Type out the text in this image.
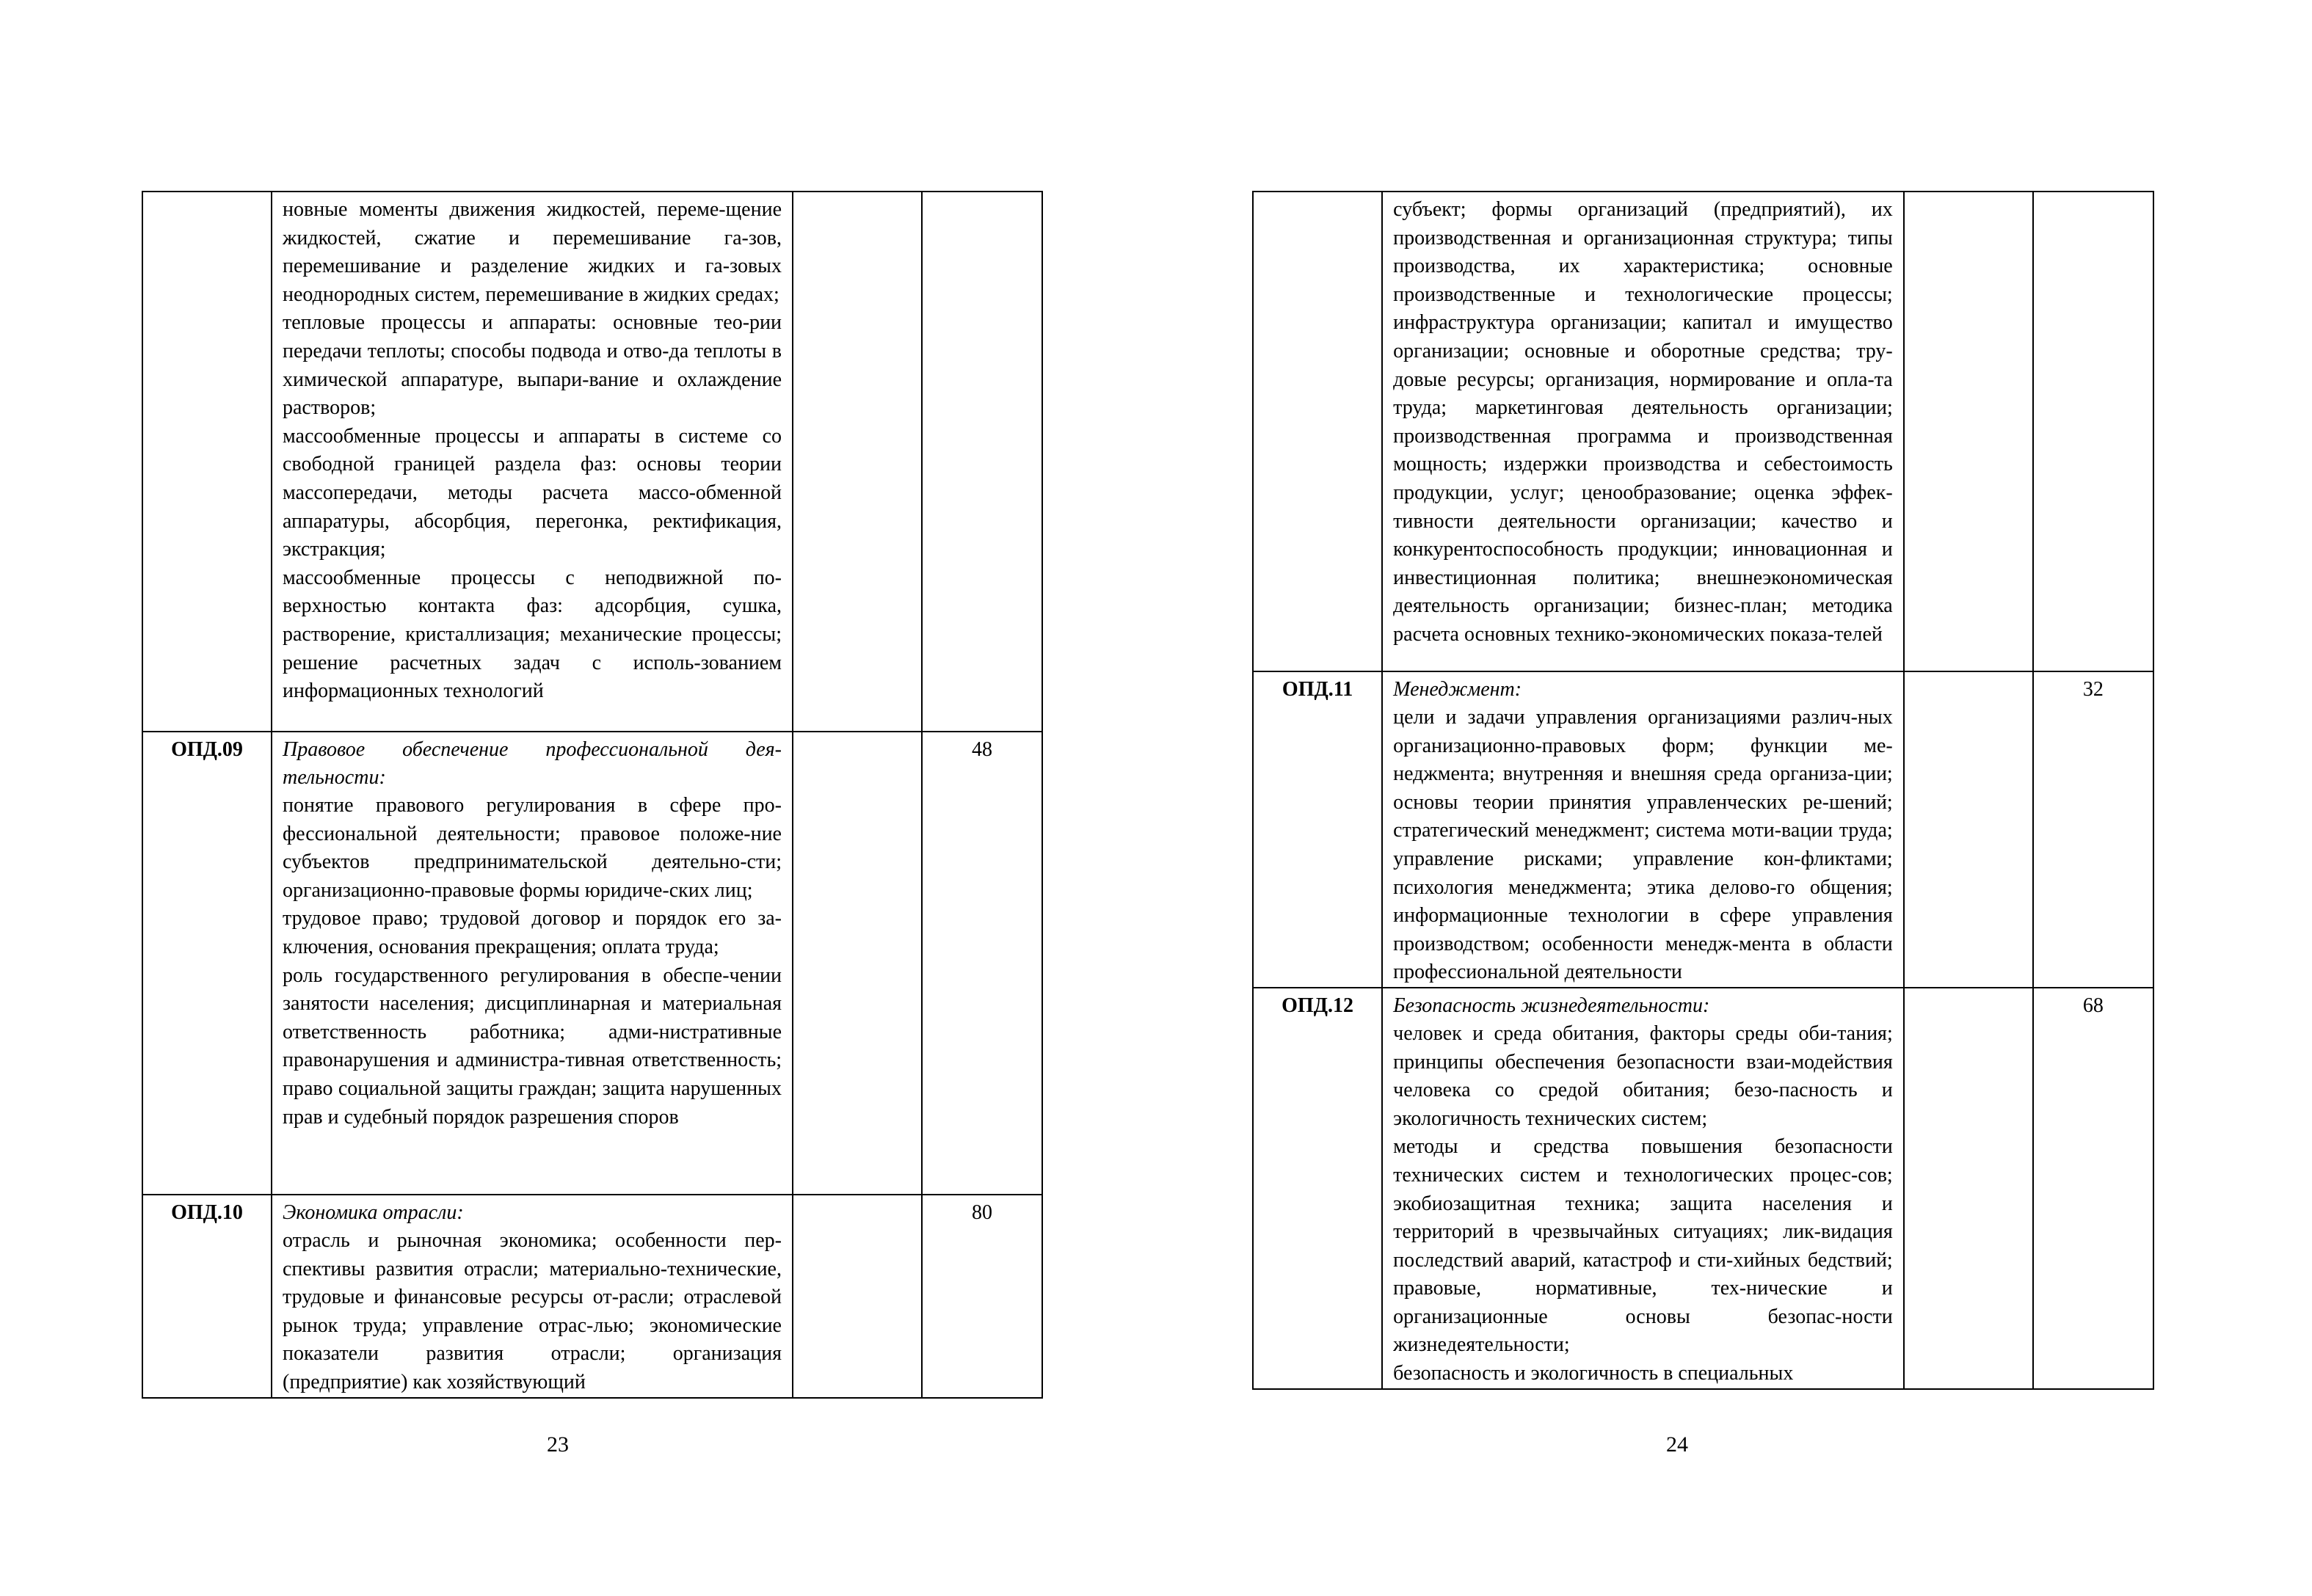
	новные моменты движения жидкостей, переме-щение жидкостей, сжатие и перемешивание га-зов, перемешивание и разделение жидких и га-зовых неоднородных систем, перемешивание в жидких средах;
тепловые процессы и аппараты: основные тео-рии передачи теплоты; способы подвода и отво-да теплоты в химической аппаратуре, выпари-вание и охлаждение растворов;
массообменные процессы и аппараты в системе со свободной границей раздела фаз: основы теории массопередачи, методы расчета массо-обменной аппаратуры, абсорбция, перегонка, ректификация, экстракция;
массообменные процессы с неподвижной по-верхностью контакта фаз: адсорбция, сушка, растворение, кристаллизация; механические процессы; решение расчетных задач с исполь-зованием информационных технологий		

ОПД.09	Правовое обеспечение профессиональной дея-тельности:
понятие правового регулирования в сфере про-фессиональной деятельности; правовое положе-ние субъектов предпринимательской деятельно-сти; организационно-правовые формы юридиче-ских лиц;
трудовое право; трудовой договор и порядок его за-ключения, основания прекращения; оплата труда;
роль государственного регулирования в обеспе-чении занятости населения; дисциплинарная и материальная ответственность работника; адми-нистративные правонарушения и администра-тивная ответственность; право социальной защиты граждан; защита нарушенных прав и судебный порядок разрешения споров		48
ОПД.10	Экономика отрасли:
отрасль и рыночная экономика; особенности пер-спективы развития отрасли; материально-технические, трудовые и финансовые ресурсы от-расли; отраслевой рынок труда; управление отрас-лью; экономические показатели развития отрасли; организация (предприятие) как хозяйствующий		80
23

	субъект; формы организаций (предприятий), их производственная и организационная структура; типы производства, их характеристика; основные производственные и технологические процессы; инфраструктура организации; капитал и имущество организации; основные и оборотные средства; тру-довые ресурсы; организация, нормирование и опла-та труда; маркетинговая деятельность организации; производственная программа и производственная мощность; издержки производства и себестоимость продукции, услуг; ценообразование; оценка эффек-тивности деятельности организации; качество и конкурентоспособность продукции; инновационная и инвестиционная политика; внешнеэкономическая деятельность организации; бизнес-план; методика расчета основных технико-экономических показа-телей		

ОПД.11	Менеджмент:
цели и задачи управления организациями различ-ных организационно-правовых форм; функции ме-неджмента; внутренняя и внешняя среда организа-ции; основы теории принятия управленческих ре-шений; стратегический менеджмент; система моти-вации труда; управление рисками; управление кон-фликтами; психология менеджмента; этика делово-го общения; информационные технологии в сфере управления производством; особенности менедж-мента в области профессиональной деятельности		32
ОПД.12	Безопасность жизнедеятельности:
человек и среда обитания, факторы среды оби-тания; принципы обеспечения безопасности взаи-модействия человека со средой обитания; безо-пасность и экологичность технических систем;
методы и средства повышения безопасности технических систем и технологических процес-сов; экобиозащитная техника; защита населения и территорий в чрезвычайных ситуациях; лик-видация последствий аварий, катастроф и сти-хийных бедствий; правовые, нормативные, тех-нические и организационные основы безопас-ности жизнедеятельности;
безопасность и экологичность в специальных		68
24
